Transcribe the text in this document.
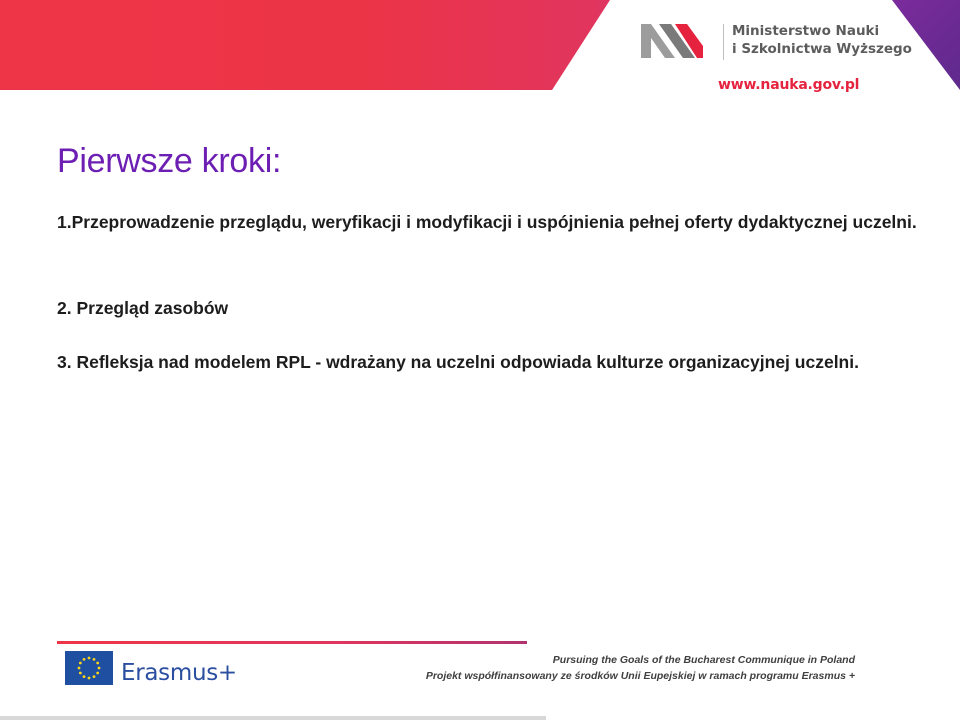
Ministerstwo Nauki
i Szkolnictwa Wyższego
www.nauka.gov.pl
Pierwsze kroki:

1.Przeprowadzenie przeglądu, weryfikacji i modyfikacji i uspójnienia pełnej oferty dydaktycznej uczelni.

2. Przegląd zasobów

3. Refleksja nad modelem RPL - wdrażany na uczelni odpowiada kulturze organizacyjnej uczelni.

Erasmus+	Pursuing the Goals of the Bucharest Communique in Poland
Projekt współfinansowany ze środków Unii Eupejskiej w ramach programu Erasmus +
